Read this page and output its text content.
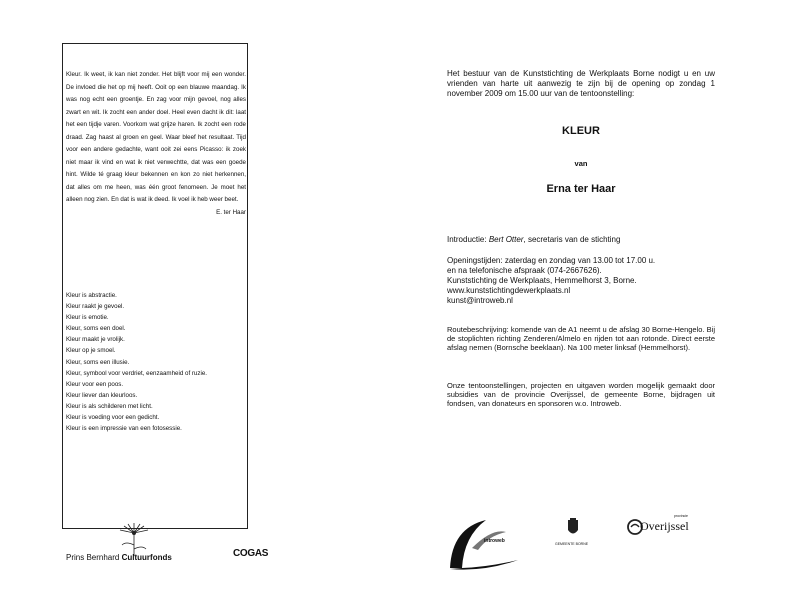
Kleur. Ik weet, ik kan niet zonder. Het blijft voor mij een wonder. De invloed die het op mij heeft. Ooit op een blauwe maandag. Ik was nog echt een groentje. En zag voor mijn gevoel, nog alles zwart en wit. Ik zocht een ander doel. Heel even dacht ik dit: laat het een tijdje varen. Voorkom wat grijze haren. Ik zocht een rode draad. Zag haast al groen en geel. Waar bleef het resultaat. Tijd voor een andere gedachte, want ooit zei eens Picasso: ik zoek niet maar ik vind en wat ik niet verwechtte, dat was een goede hint. Wilde té graag kleur bekennen en kon zo niet herkennen, dat alles om me heen, was één groot fenomeen. Je moet het alleen nog zien. En dat is wat ik deed. Ik voel ik heb weer beet.
E. ter Haar
Kleur is abstractie.
Kleur raakt je gevoel.
Kleur is emotie.
Kleur, soms een doel.
Kleur maakt je vrolijk.
Kleur op je smoel.
Kleur, soms een illusie.
Kleur, symbool voor verdriet, eenzaamheid of ruzie.
Kleur voor een poos.
Kleur liever dan kleurloos.
Kleur is als schilderen met licht.
Kleur is voeding voor een gedicht.
Kleur is een impressie van een fotosessie.
Prins Bernhard Cultuurfonds	COGAS
Het bestuur van de Kunststichting de Werkplaats Borne nodigt u en uw vrienden van harte uit aanwezig te zijn bij de opening op zondag 1 november 2009 om 15.00 uur van de tentoonstelling:
KLEUR
van
Erna ter Haar
Introductie: Bert Otter, secretaris van de stichting
Openingstijden: zaterdag en zondag van 13.00 tot 17.00 u.
en na telefonische afspraak (074-2667626).
Kunststichting de Werkplaats, Hemmelhorst 3, Borne.
www.kunststichtingdewerkplaats.nl
kunst@introweb.nl
Routebeschrijving: komende van de A1 neemt u de afslag 30 Borne-Hengelo. Bij de stoplichten richting Zenderen/Almelo en rijden tot aan rotonde. Direct eerste afslag nemen (Bornsche beeklaan). Na 100 meter linksaf (Hemmelhorst).
Onze tentoonstellingen, projecten en uitgaven worden mogelijk gemaakt door subsidies van de provincie Overijssel, de gemeente Borne, bijdragen uit fondsen, van donateurs en sponsoren w.o. Introweb.
introweb	GEMEENTE BORNE
provincie
Overijssel
